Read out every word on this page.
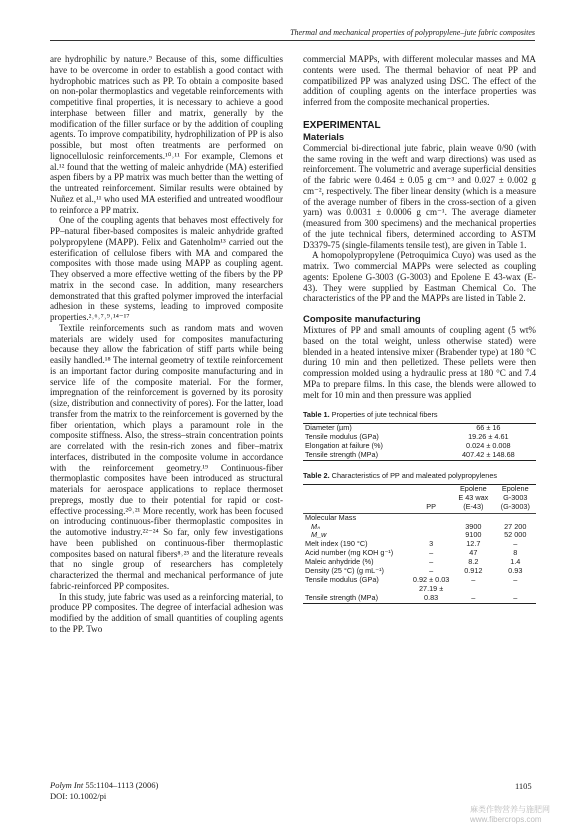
Thermal and mechanical properties of polypropylene–jute fabric composites

are hydrophilic by nature.⁹ Because of this, some difficulties have to be overcome in order to establish a good contact with hydrophobic matrices such as PP. To obtain a composite based on non-polar thermoplastics and vegetable reinforcements with competitive final properties, it is necessary to achieve a good interphase between filler and matrix, generally by the modification of the filler surface or by the addition of coupling agents. To improve compatibility, hydrophilization of PP is also possible, but most often treatments are performed on lignocellulosic reinforcements.¹⁰˒¹¹ For example, Clemons et al.¹² found that the wetting of maleic anhydride (MA) esterified aspen fibers by a PP matrix was much better than the wetting of the untreated reinforcement. Similar results were obtained by Nuñez et al.,¹¹ who used MA esterified and untreated woodflour to reinforce a PP matrix.

One of the coupling agents that behaves most effectively for PP–natural fiber-based composites is maleic anhydride grafted polypropylene (MAPP). Felix and Gatenholm¹³ carried out the esterification of cellulose fibers with MA and compared the composites with those made using MAPP as coupling agent. They observed a more effective wetting of the fibers by the PP matrix in the second case. In addition, many researchers demonstrated that this grafted polymer improved the interfacial adhesion in these systems, leading to improved composite properties.²˒⁶˒⁷˒⁹˒¹⁴⁻¹⁷

Textile reinforcements such as random mats and woven materials are widely used for composites manufacturing because they allow the fabrication of stiff parts while being easily handled.¹⁸ The internal geometry of textile reinforcement is an important factor during composite manufacturing and in service life of the composite material. For the former, impregnation of the reinforcement is governed by its porosity (size, distribution and connectivity of pores). For the latter, load transfer from the matrix to the reinforcement is governed by the fiber orientation, which plays a paramount role in the composite stiffness. Also, the stress–strain concentration points are correlated with the resin-rich zones and fiber–matrix interfaces, distributed in the composite volume in accordance with the reinforcement geometry.¹⁹ Continuous-fiber thermoplastic composites have been introduced as structural materials for aerospace applications to replace thermoset prepregs, mostly due to their potential for rapid or cost-effective processing.²⁰˒²¹ More recently, work has been focused on introducing continuous-fiber thermoplastic composites in the automotive industry.²²⁻²⁴ So far, only few investigations have been published on continuous-fiber thermoplastic composites based on natural fibers⁸˒²⁵ and the literature reveals that no single group of researchers has completely characterized the thermal and mechanical performance of jute fabric-reinforced PP composites.

In this study, jute fabric was used as a reinforcing material, to produce PP composites. The degree of interfacial adhesion was modified by the addition of small quantities of coupling agents to the PP. Two

commercial MAPPs, with different molecular masses and MA contents were used. The thermal behavior of neat PP and compatibilized PP was analyzed using DSC. The effect of the addition of coupling agents on the interface properties was inferred from the composite mechanical properties.

EXPERIMENTAL
Materials

Commercial bi-directional jute fabric, plain weave 0/90 (with the same roving in the weft and warp directions) was used as reinforcement. The volumetric and average superficial densities of the fabric were 0.464 ± 0.05 g cm⁻³ and 0.027 ± 0.002 g cm⁻², respectively. The fiber linear density (which is a measure of the average number of fibers in the cross-section of a given yarn) was 0.0031 ± 0.0006 g cm⁻¹. The average diameter (measured from 300 specimens) and the mechanical properties of the jute technical fibers, determined according to ASTM D3379-75 (single-filaments tensile test), are given in Table 1.

A homopolypropylene (Petroquimica Cuyo) was used as the matrix. Two commercial MAPPs were selected as coupling agents: Epolene G-3003 (G-3003) and Epolene E 43-wax (E-43). They were supplied by Eastman Chemical Co. The characteristics of the PP and the MAPPs are listed in Table 2.

Composite manufacturing

Mixtures of PP and small amounts of coupling agent (5 wt% based on the total weight, unless otherwise stated) were blended in a heated intensive mixer (Brabender type) at 180 °C during 10 min and then pelletized. These pellets were then compression molded using a hydraulic press at 180 °C and 7.4 MPa to prepare films. In this case, the blends were allowed to melt for 10 min and then pressure was applied

Table 1. Properties of jute technical fibers
Diameter (µm)	66 ± 16
Tensile modulus (GPa)	19.26 ± 4.61
Elongation at failure (%)	0.024 ± 0.008
Tensile strength (MPa)	407.42 ± 148.68
Table 2. Characteristics of PP and maleated polypropylenes
		Epolene	Epolene
		E 43 wax	G-3003
	PP	(E-43)	(G-3003)

Molecular Mass			
Mₙ		3900	27 200
M_w		9100	52 000
Melt index (190 °C)	3	12.7	–
Acid number (mg KOH g⁻¹)	–	47	8
Maleic anhydride (%)	–	8.2	1.4
Density (25 °C) (g mL⁻¹)	–	0.912	0.93
Tensile modulus (GPa)	0.92 ± 0.03	–	–
Tensile strength (MPa)	27.19 ± 0.83	–	–
Polym Int 55:1104–1113 (2006)
DOI: 10.1002/pi
1105
麻类作物营养与施肥网 www.fibercrops.com
